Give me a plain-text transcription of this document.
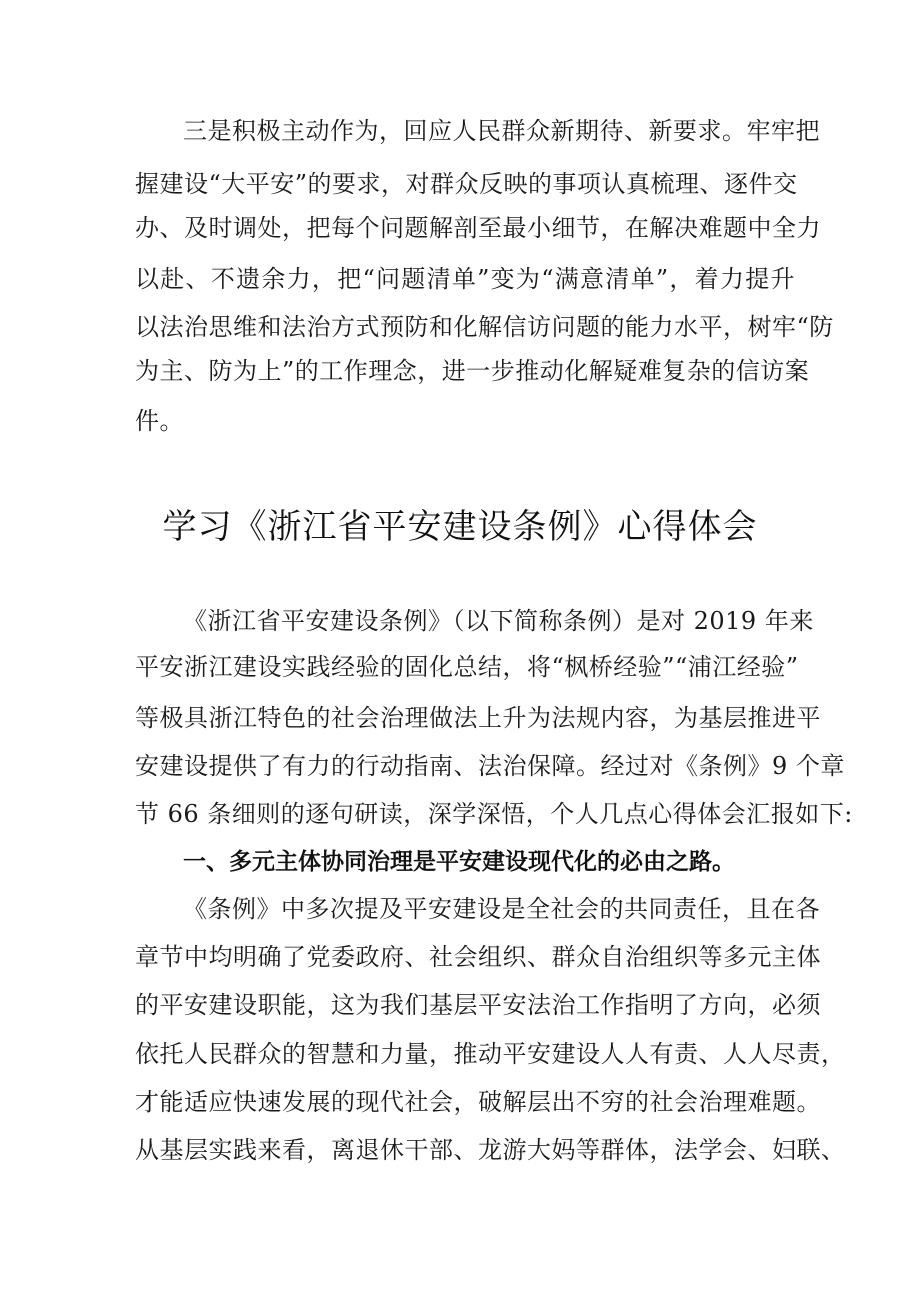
三是积极主动作为，回应人民群众新期待、新要求。牢牢把
握建设“大平安”的要求，对群众反映的事项认真梳理、逐件交
办、及时调处，把每个问题解剖至最小细节，在解决难题中全力
以赴、不遗余力，把“问题清单”变为“满意清单”，着力提升
以法治思维和法治方式预防和化解信访问题的能力水平，树牢“防
为主、防为上”的工作理念，进一步推动化解疑难复杂的信访案
件。
学习《浙江省平安建设条例》心得体会
《浙江省平安建设条例》（以下简称条例）是对 2019 年来
平安浙江建设实践经验的固化总结，将“枫桥经验”“浦江经验”
等极具浙江特色的社会治理做法上升为法规内容，为基层推进平
安建设提供了有力的行动指南、法治保障。经过对《条例》9 个章
节 66 条细则的逐句研读，深学深悟，个人几点心得体会汇报如下:
一、多元主体协同治理是平安建设现代化的必由之路。
《条例》中多次提及平安建设是全社会的共同责任，且在各
章节中均明确了党委政府、社会组织、群众自治组织等多元主体
的平安建设职能，这为我们基层平安法治工作指明了方向，必须
依托人民群众的智慧和力量，推动平安建设人人有责、人人尽责，
才能适应快速发展的现代社会，破解层出不穷的社会治理难题。
从基层实践来看，离退休干部、龙游大妈等群体，法学会、妇联、
